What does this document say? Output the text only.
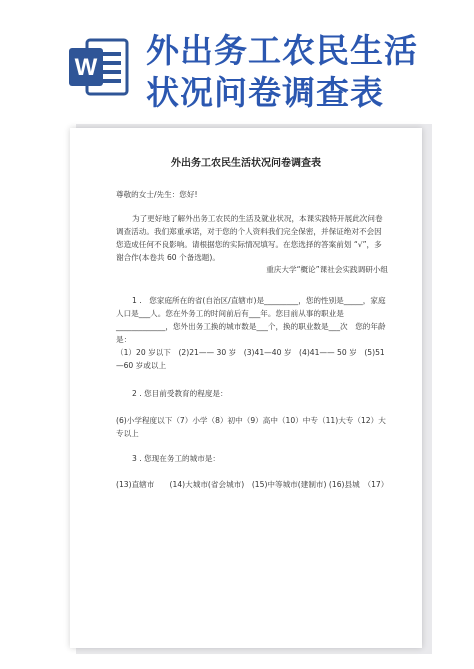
W 外出务工农民生活
状况问卷调查表
外出务工农民生活状况问卷调查表
尊敬的女士/先生：您好!
为了更好地了解外出务工农民的生活及就业状况，本课实践特开展此次问卷调查活动。我们郑重承诺，对于您的个人资料我们完全保密，并保证绝对不会因您造成任何不良影响。请根据您的实际情况填写。在您选择的答案前划 “√”，多谢合作(本卷共 60 个备选题)。
重庆大学“概论”课社会实践调研小组
1 .　您家庭所在的省(自治区/直辖市)是_________，您的性别是_____，家庭人口是___人。您在外务工的时间前后有___年。您目前从事的职业是_____________，您外出务工换的城市数是___个，换的职业数是___次　您的年龄是：
（1）20 岁以下　(2)21—— 30 岁　(3)41—40 岁　(4)41—— 50 岁　(5)51—60 岁或以上
2 . 您目前受教育的程度是：
(6)小学程度以下（7）小学（8）初中（9）高中（10）中专（11)大专（12）大专以上
3 . 您现在务工的城市是：
(13)直辖市　　(14)大城市(省会城市)　(15)中等城市(建制市) (16)县城　（17）
